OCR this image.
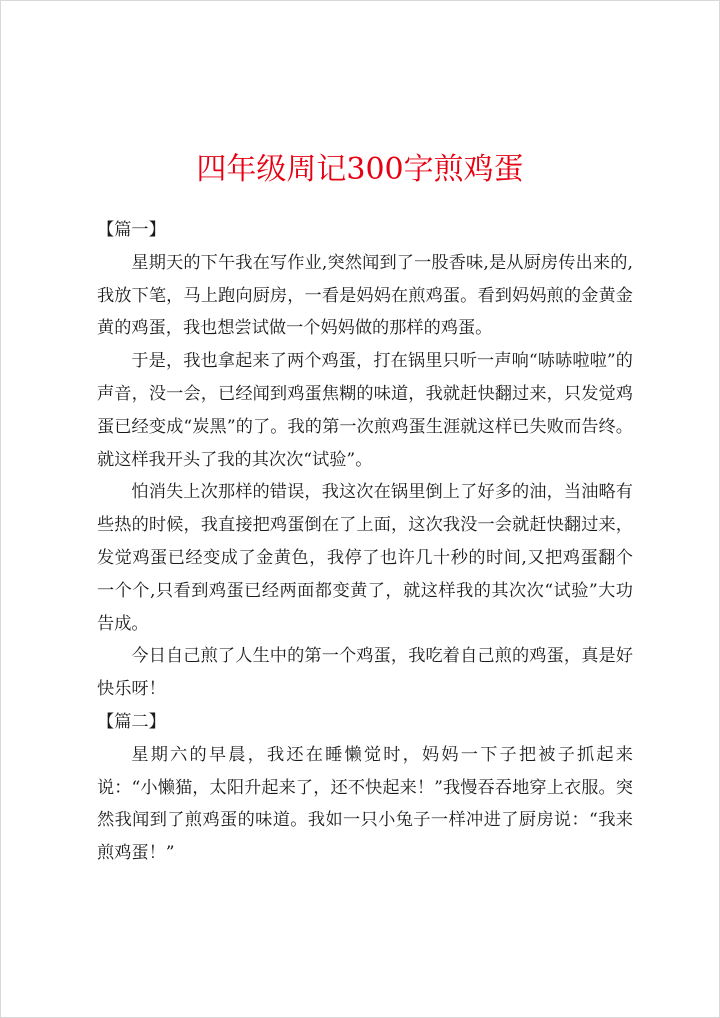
四年级周记300字煎鸡蛋

【篇一】

星期天的下午我在写作业,突然闻到了一股香味,是从厨房传出来的,我放下笔，马上跑向厨房，一看是妈妈在煎鸡蛋。看到妈妈煎的金黄金黄的鸡蛋，我也想尝试做一个妈妈做的那样的鸡蛋。

于是，我也拿起来了两个鸡蛋，打在锅里只听一声响“哧哧啦啦”的声音，没一会，已经闻到鸡蛋焦糊的味道，我就赶快翻过来，只发觉鸡蛋已经变成“炭黑”的了。我的第一次煎鸡蛋生涯就这样已失败而告终。就这样我开头了我的其次次“试验”。

怕消失上次那样的错误，我这次在锅里倒上了好多的油，当油略有些热的时候，我直接把鸡蛋倒在了上面，这次我没一会就赶快翻过来，发觉鸡蛋已经变成了金黄色，我停了也许几十秒的时间,又把鸡蛋翻个一个个,只看到鸡蛋已经两面都变黄了，就这样我的其次次“试验”大功告成。

今日自己煎了人生中的第一个鸡蛋，我吃着自己煎的鸡蛋，真是好快乐呀！

【篇二】

星期六的早晨，我还在睡懒觉时，妈妈一下子把被子抓起来说：“小懒猫，太阳升起来了，还不快起来！”我慢吞吞地穿上衣服。突然我闻到了煎鸡蛋的味道。我如一只小兔子一样冲进了厨房说：“我来煎鸡蛋！”
